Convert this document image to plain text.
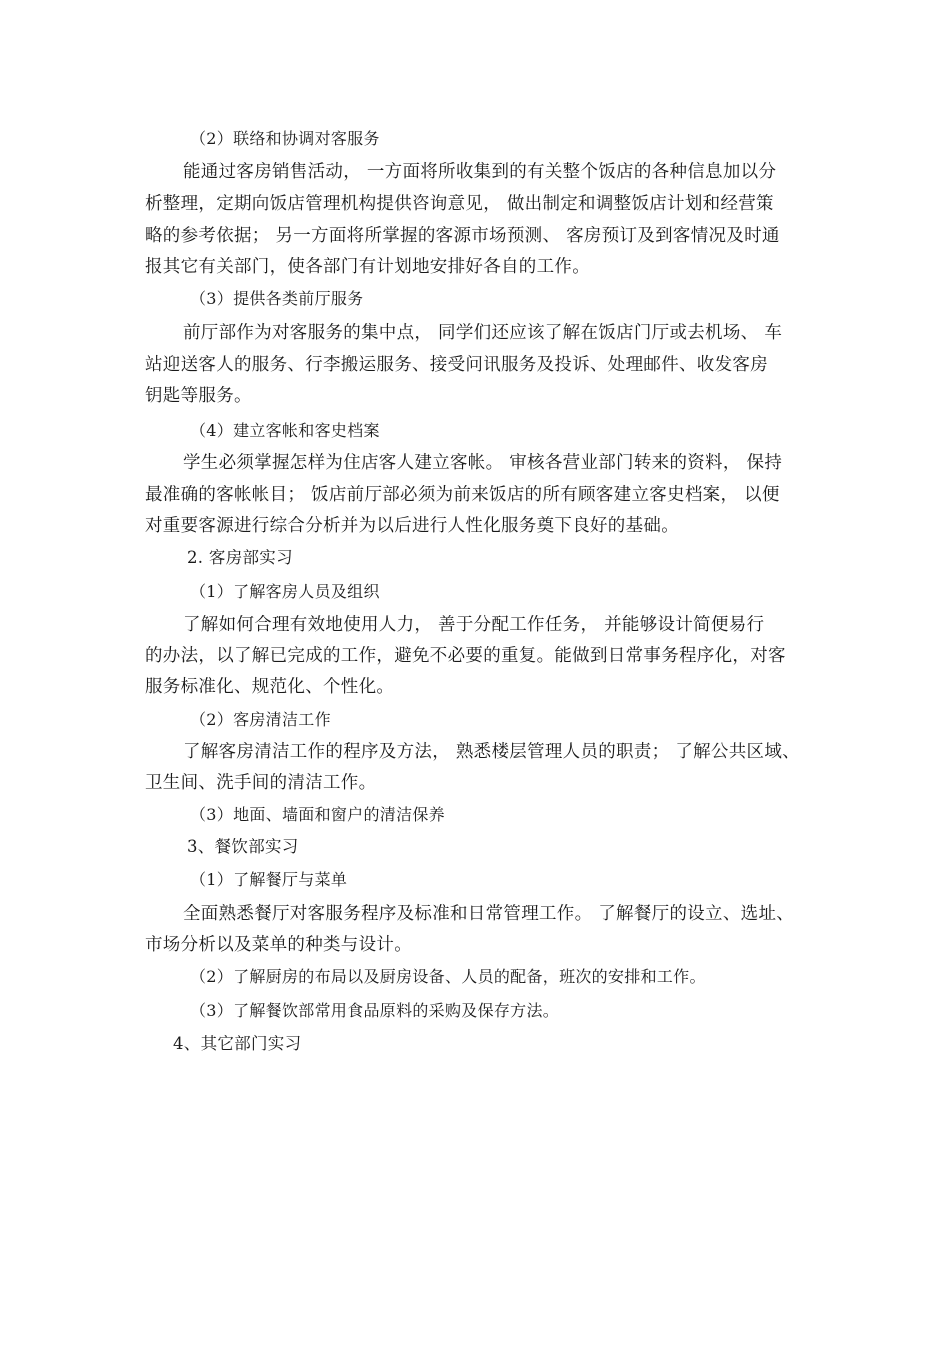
（2）联络和协调对客服务
能通过客房销售活动， 一方面将所收集到的有关整个饭店的各种信息加以分
析整理，定期向饭店管理机构提供咨询意见， 做出制定和调整饭店计划和经营策
略的参考依据； 另一方面将所掌握的客源市场预测、 客房预订及到客情况及时通
报其它有关部门，使各部门有计划地安排好各自的工作。
（3）提供各类前厅服务
前厅部作为对客服务的集中点， 同学们还应该了解在饭店门厅或去机场、 车
站迎送客人的服务、行李搬运服务、接受问讯服务及投诉、处理邮件、收发客房
钥匙等服务。
（4）建立客帐和客史档案
学生必须掌握怎样为住店客人建立客帐。 审核各营业部门转来的资料， 保持
最准确的客帐帐目； 饭店前厅部必须为前来饭店的所有顾客建立客史档案， 以便
对重要客源进行综合分析并为以后进行人性化服务奠下良好的基础。
2. 客房部实习
（1）了解客房人员及组织
了解如何合理有效地使用人力， 善于分配工作任务， 并能够设计简便易行
的办法，以了解已完成的工作，避免不必要的重复。能做到日常事务程序化，对客
服务标准化、规范化、个性化。
（2）客房清洁工作
了解客房清洁工作的程序及方法， 熟悉楼层管理人员的职责； 了解公共区域、
卫生间、洗手间的清洁工作。
（3）地面、墙面和窗户的清洁保养
3、餐饮部实习
（1）了解餐厅与菜单
全面熟悉餐厅对客服务程序及标准和日常管理工作。 了解餐厅的设立、选址、
市场分析以及菜单的种类与设计。
（2）了解厨房的布局以及厨房设备、人员的配备，班次的安排和工作。
（3）了解餐饮部常用食品原料的采购及保存方法。
4、其它部门实习
